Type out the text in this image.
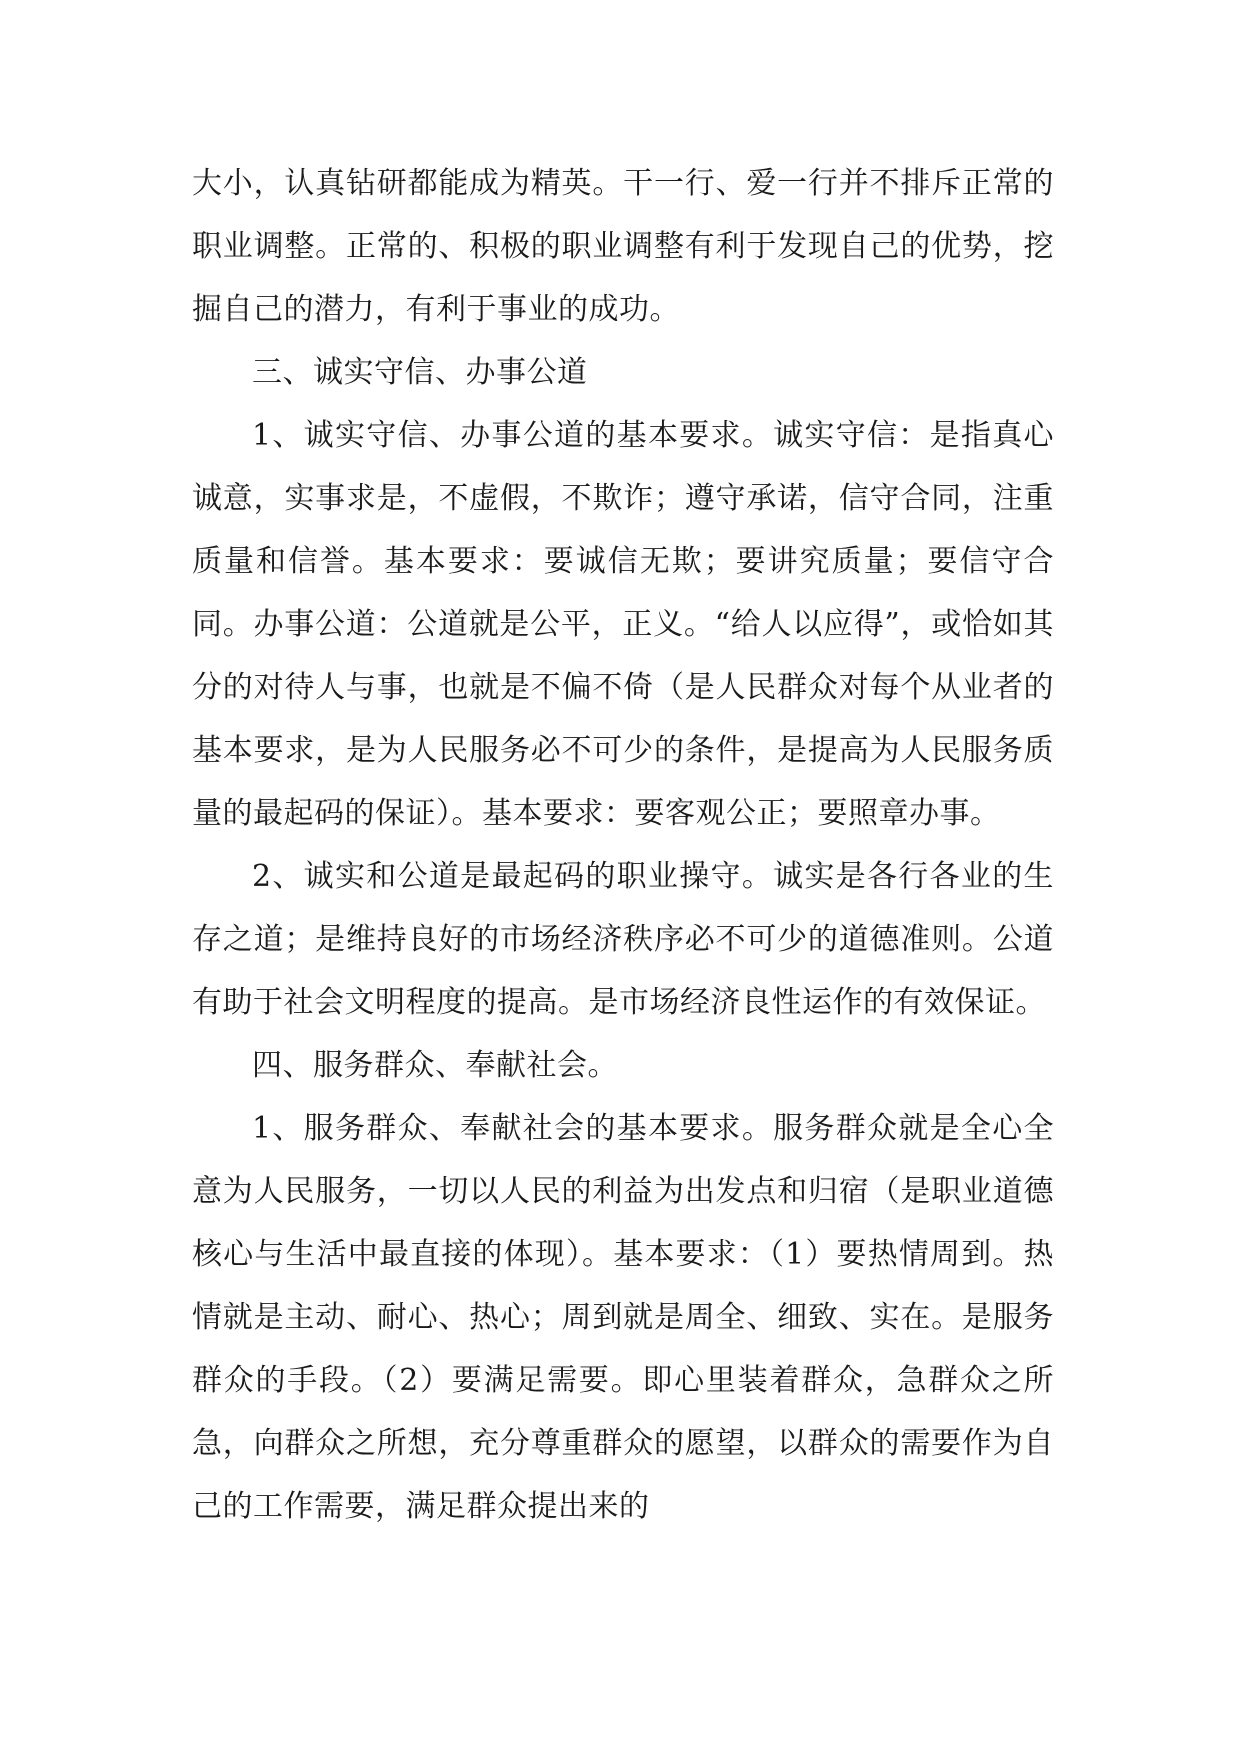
大小，认真钻研都能成为精英。干一行、爱一行并不排斥正常的职业调整。正常的、积极的职业调整有利于发现自己的优势，挖掘自己的潜力，有利于事业的成功。

三、诚实守信、办事公道

1、诚实守信、办事公道的基本要求。诚实守信：是指真心诚意，实事求是，不虚假，不欺诈；遵守承诺，信守合同，注重质量和信誉。基本要求：要诚信无欺；要讲究质量；要信守合同。办事公道：公道就是公平，正义。“给人以应得”，或恰如其分的对待人与事，也就是不偏不倚（是人民群众对每个从业者的基本要求，是为人民服务必不可少的条件，是提高为人民服务质量的最起码的保证）。基本要求：要客观公正；要照章办事。

2、诚实和公道是最起码的职业操守。诚实是各行各业的生存之道；是维持良好的市场经济秩序必不可少的道德准则。公道有助于社会文明程度的提高。是市场经济良性运作的有效保证。

四、服务群众、奉献社会。

1、服务群众、奉献社会的基本要求。服务群众就是全心全意为人民服务，一切以人民的利益为出发点和归宿（是职业道德核心与生活中最直接的体现）。基本要求：（1）要热情周到。热情就是主动、耐心、热心；周到就是周全、细致、实在。是服务群众的手段。（2）要满足需要。即心里装着群众，急群众之所急，向群众之所想，充分尊重群众的愿望，以群众的需要作为自己的工作需要，满足群众提出来的
